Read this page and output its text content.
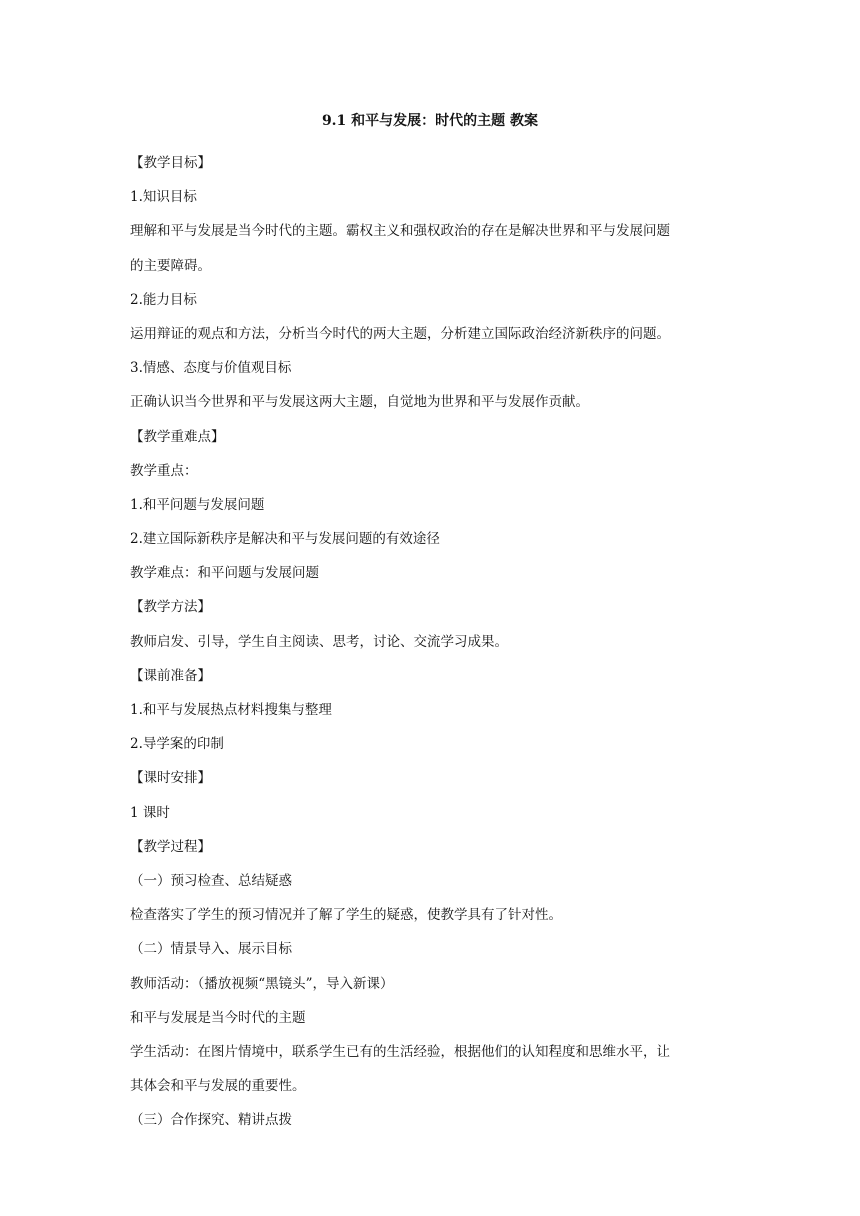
9.1 和平与发展：时代的主题 教案
【教学目标】
1.知识目标
理解和平与发展是当今时代的主题。霸权主义和强权政治的存在是解决世界和平与发展问题
的主要障碍。
2.能力目标
运用辩证的观点和方法，分析当今时代的两大主题，分析建立国际政治经济新秩序的问题。
3.情感、态度与价值观目标
正确认识当今世界和平与发展这两大主题，自觉地为世界和平与发展作贡献。
【教学重难点】
教学重点：
1.和平问题与发展问题
2.建立国际新秩序是解决和平与发展问题的有效途径
教学难点：和平问题与发展问题
【教学方法】
教师启发、引导，学生自主阅读、思考，讨论、交流学习成果。
【课前准备】
1.和平与发展热点材料搜集与整理
2.导学案的印制
【课时安排】
1 课时
【教学过程】
（一）预习检查、总结疑惑
检查落实了学生的预习情况并了解了学生的疑惑，使教学具有了针对性。
（二）情景导入、展示目标
教师活动：（播放视频“黑镜头”，导入新课）
和平与发展是当今时代的主题
学生活动：在图片情境中，联系学生已有的生活经验，根据他们的认知程度和思维水平，让
其体会和平与发展的重要性。
（三）合作探究、精讲点拨
